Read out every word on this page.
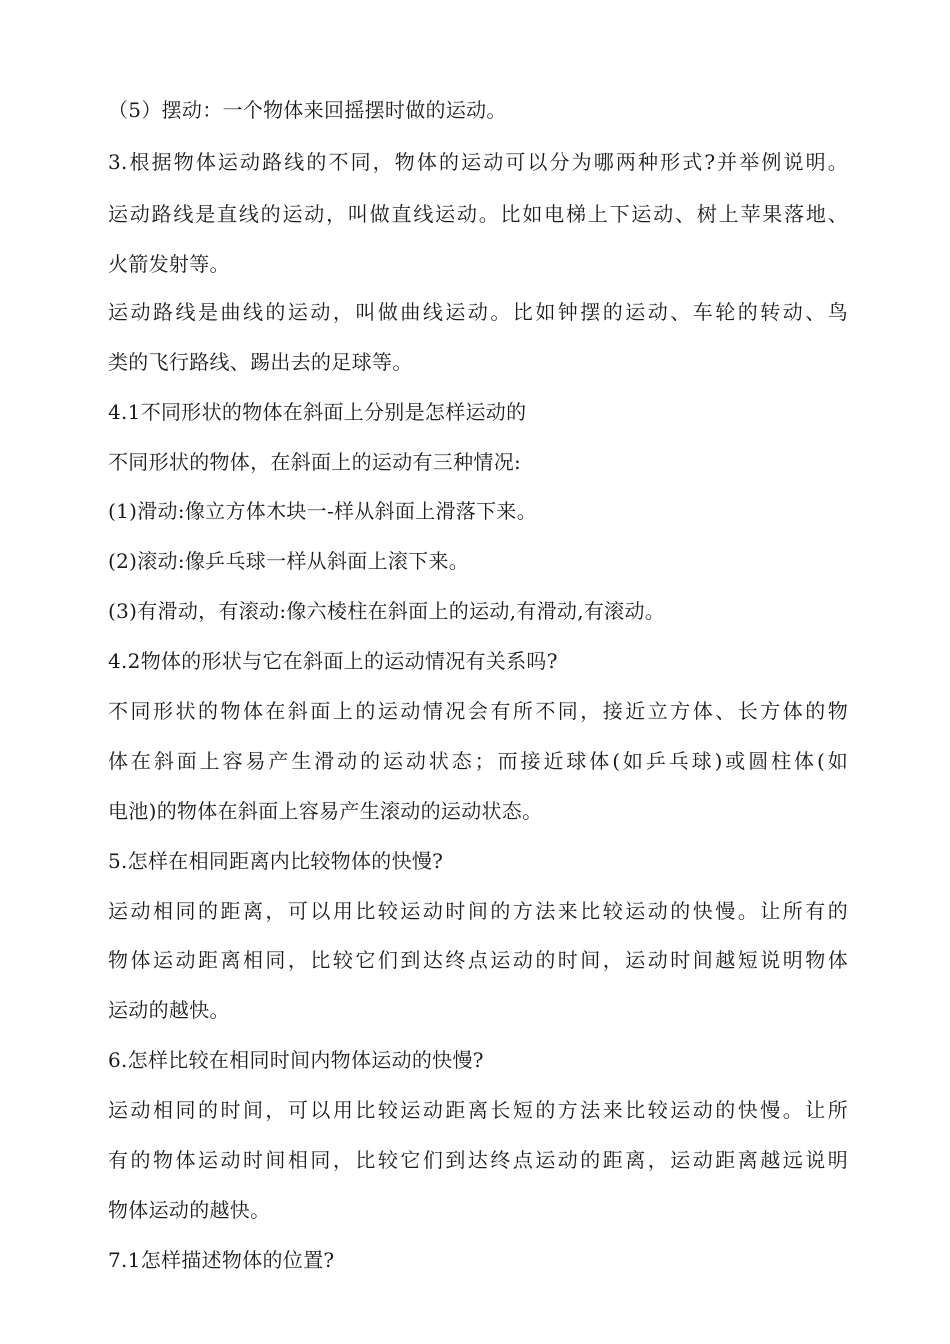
（5）摆动：一个物体来回摇摆时做的运动。
3.根据物体运动路线的不同，物体的运动可以分为哪两种形式?并举例说明。
运动路线是直线的运动，叫做直线运动。比如电梯上下运动、树上苹果落地、
火箭发射等。
运动路线是曲线的运动，叫做曲线运动。比如钟摆的运动、车轮的转动、鸟
类的飞行路线、踢出去的足球等。
4.1不同形状的物体在斜面上分别是怎样运动的
不同形状的物体，在斜面上的运动有三种情况:
(1)滑动:像立方体木块一-样从斜面上滑落下来。
(2)滚动:像乒乓球一样从斜面上滚下来。
(3)有滑动，有滚动:像六棱柱在斜面上的运动,有滑动,有滚动。
4.2物体的形状与它在斜面上的运动情况有关系吗?
不同形状的物体在斜面上的运动情况会有所不同，接近立方体、长方体的物
体在斜面上容易产生滑动的运动状态；而接近球体(如乒乓球)或圆柱体(如
电池)的物体在斜面上容易产生滚动的运动状态。
5.怎样在相同距离内比较物体的快慢?
运动相同的距离，可以用比较运动时间的方法来比较运动的快慢。让所有的
物体运动距离相同，比较它们到达终点运动的时间，运动时间越短说明物体
运动的越快。
6.怎样比较在相同时间内物体运动的快慢?
运动相同的时间，可以用比较运动距离长短的方法来比较运动的快慢。让所
有的物体运动时间相同，比较它们到达终点运动的距离，运动距离越远说明
物体运动的越快。
7.1怎样描述物体的位置?
